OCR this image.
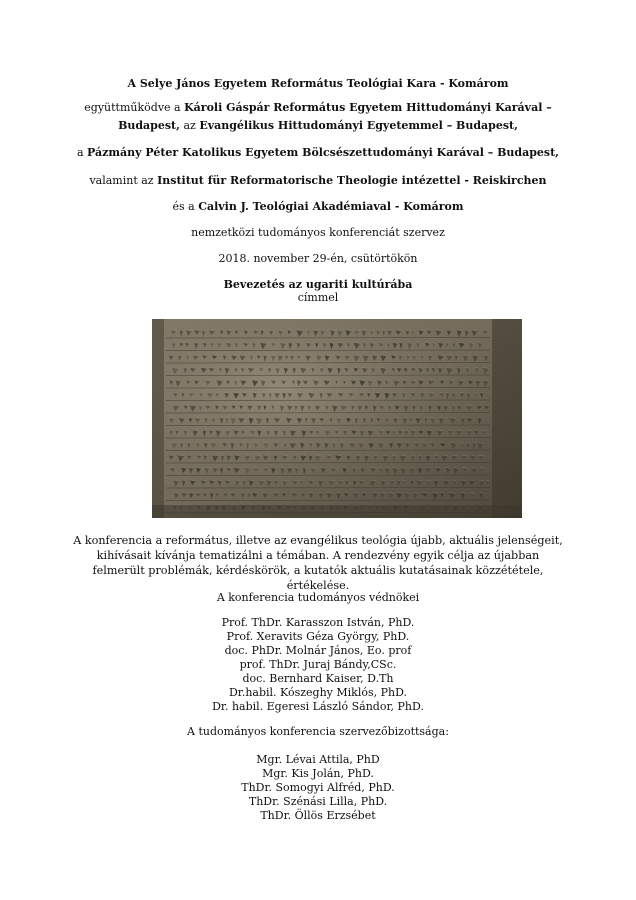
A Selye János Egyetem Református Teológiai Kara - Komárom
együttműködve a Károli Gáspár Református Egyetem Hittudományi Karával –
Budapest, az Evangélikus Hittudományi Egyetemmel – Budapest,
a Pázmány Péter Katolikus Egyetem Bölcsészettudományi Karával – Budapest,
valamint az Institut für Reformatorische Theologie intézettel - Reiskirchen
és a Calvin J. Teológiai Akadémiaval - Komárom
nemzetközi tudományos konferenciát szervez
2018. november 29-én, csütörtökön
Bevezetés az ugariti kultúrába
címmel
A konferencia a református, illetve az evangélikus teológia újabb, aktuális jelenségeit, kihívásait kívánja tematizálni a témában. A rendezvény egyik célja az újabban felmerült problémák, kérdéskörök, a kutatók aktuális kutatásainak közzététele, értékelése.
A konferencia tudományos védnökei
Prof. ThDr. Karasszon István, PhD.
Prof. Xeravits Géza György, PhD.
doc. PhDr. Molnár János, Eo. prof
prof. ThDr. Juraj Bándy,CSc.
doc. Bernhard Kaiser, D.Th
Dr.habil. Kószeghy Miklós, PhD.
Dr. habil. Egeresi László Sándor, PhD.
A tudományos konferencia szervezőbizottsága:
Mgr. Lévai Attila, PhD
Mgr. Kis Jolán, PhD.
ThDr. Somogyi Alfréd, PhD.
ThDr. Szénási Lilla, PhD.
ThDr. Öllös Erzsébet
